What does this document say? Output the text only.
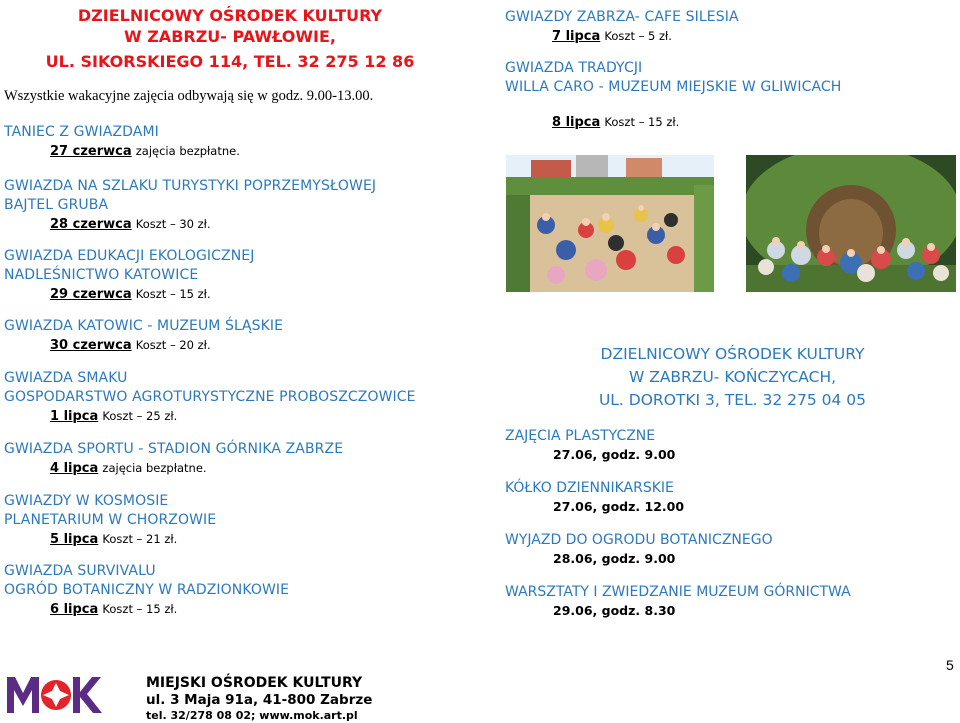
DZIELNICOWY OŚRODEK KULTURY
W ZABRZU- PAWŁOWIE,
UL. SIKORSKIEGO 114, TEL. 32 275 12 86
Wszystkie wakacyjne zajęcia odbywają się w godz. 9.00-13.00.
TANIEC Z GWIAZDAMI
27 czerwca zajęcia bezpłatne.
GWIAZDA NA SZLAKU TURYSTYKI POPRZEMYSŁOWEJ
BAJTEL GRUBA
28 czerwca Koszt – 30 zł.
GWIAZDA EDUKACJI EKOLOGICZNEJ
NADLEŚNICTWO KATOWICE
29 czerwca Koszt – 15 zł.
GWIAZDA KATOWIC - MUZEUM ŚLĄSKIE
30 czerwca Koszt – 20 zł.
GWIAZDA SMAKU
GOSPODARSTWO AGROTURYSTYCZNE PROBOSZCZOWICE
1 lipca Koszt – 25 zł.
GWIAZDA SPORTU - STADION GÓRNIKA ZABRZE
4 lipca zajęcia bezpłatne.
GWIAZDY W KOSMOSIE
PLANETARIUM W CHORZOWIE
5 lipca Koszt – 21 zł.
GWIAZDA SURVIVALU
OGRÓD BOTANICZNY W RADZIONKOWIE
6 lipca Koszt – 15 zł.
GWIAZDY ZABRZA- CAFE SILESIA
7 lipca Koszt – 5 zł.
GWIAZDA TRADYCJI
WILLA CARO - MUZEUM MIEJSKIE W GLIWICACH
8 lipca Koszt – 15 zł.
DZIELNICOWY OŚRODEK KULTURY
W ZABRZU- KOŃCZYCACH,
UL. DOROTKI 3, TEL. 32 275 04 05
ZAJĘCIA PLASTYCZNE
27.06, godz. 9.00
KÓŁKO DZIENNIKARSKIE
27.06, godz. 12.00
WYJAZD DO OGRODU BOTANICZNEGO
28.06, godz. 9.00
WARSZTATY I ZWIEDZANIE MUZEUM GÓRNICTWA
29.06, godz. 8.30
MIEJSKI OŚRODEK KULTURY
ul. 3 Maja 91a, 41-800 Zabrze
tel. 32/278 08 02; www.mok.art.pl
5
